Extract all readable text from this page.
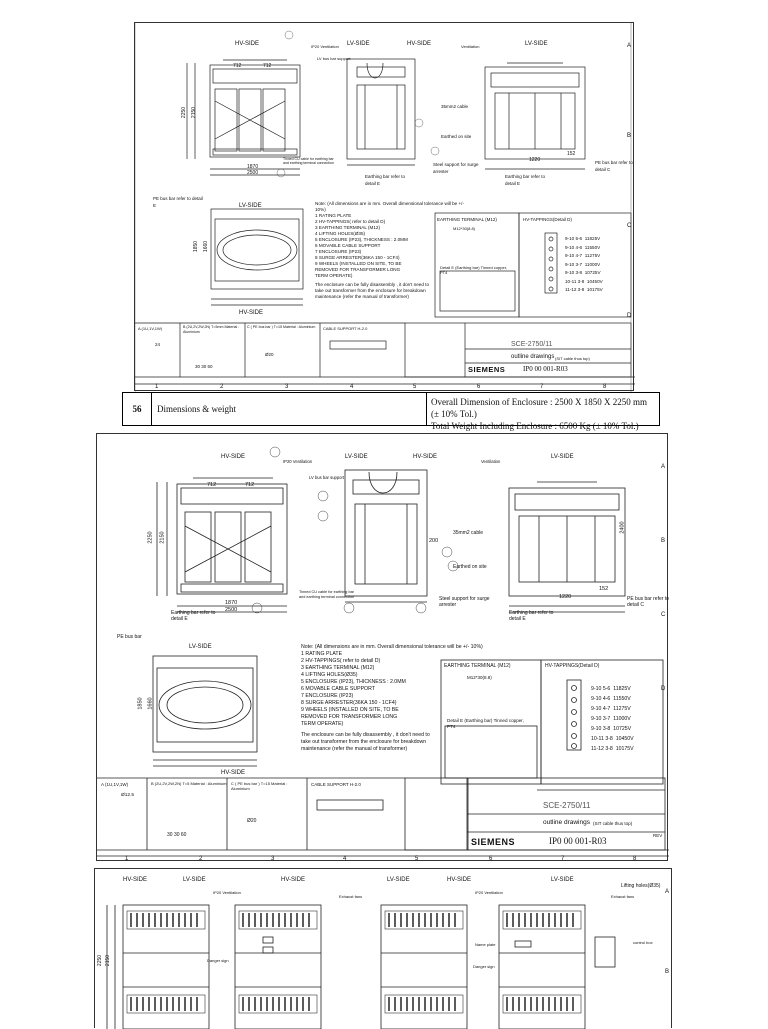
HV-SIDE	LV-SIDE	HV-SIDE	LV-SIDE
LV-SIDE
HV-SIDE
IP20 Ventilation
LV bus bar support
Ventilation
35mm2 cable
Earthed on site
Steel support for surge arrester
Earthing bar refer to detail E
Earthing bar refer to detail E
PE bus bar refer to detail C
PE bus bar refer to detail E
Tinned CU cable for earthing bar and earthing terminal connection
712	712
2250 2150
1870
2500
1850 1660
152
1220
Note: (All dimensions are in mm. Overall dimensional tolerance will be +/- 10%)
1 RATING PLATE
2 HV-TAPPINGS( refer to detail D)
3 EARTHING TERMINAL (M12)
4 LIFTING HOLES(Ø35)
5 ENCLOSURE (IP23), THICKNESS : 2.0MM
6 MOVABLE CABLE SUPPORT
7 ENCLOSURE (IP23)
8 SURGE ARRESTER(36KA 150 - 1CF4)
9 WHEELS (INSTALLED ON SITE, TO BE
REMOVED FOR TRANSFORMER LONG
TERM OPERATE)
The enclosure can be fully disassembly , it don't need to take out transformer from the enclosure for breakdown maintenance (refer the manual of transformer)
EARTHING TERMINAL (M12)
M12*30(8.8)
Detail E (Earthing bar) Tinned copper, PT4
HV-TAPPINGS(Detail D)
9-10 5-6 11825V
9-10 4-6 11550V
9-10 4-7 11275V
9-10 3-7 11000V
9-10 3-8 10725V
10-11 3-8 10450V
11-12 3-8 10175V
A (1U,1V,1W)
24
B (2U,2V,2W,2N) T=5mm Material : Aluminium
30 30 60
C ( PE bus bar ) T=15 Material : Aluminium
Ø20
CABLE SUPPORT H-2.0
SCE-2750/11
outline drawings (SIT cable thus top)
SIEMENS	IP0 00 001-R03
A
B
C
D
1	2	3	4	5	6	7	8
56	Dimensions & weight
Overall Dimension of Enclosure : 2500 X 1850 X 2250 mm (± 10% Tol.)
Total Weight Including Enclosure : 6500 Kg (± 10% Tol.)
HV-SIDE	LV-SIDE	HV-SIDE	LV-SIDE
LV-SIDE
HV-SIDE
IP20 Ventilation
LV bus bar support
Ventilation
35mm2 cable
Earthed on site
Steel support for surge arrester
Earthing bar refer to detail E
Earthing bar refer to detail E
PE bus bar refer to detail C
PE bus bar
Tinned CU cable for earthing bar and earthing terminal connection
712	712
2250 2150
1870
2500
1850 1660
152
1220
2400
200
Note: (All dimensions are in mm. Overall dimensional tolerance will be +/- 10%)
1 RATING PLATE
2 HV-TAPPINGS( refer to detail D)
3 EARTHING TERMINAL (M12)
4 LIFTING HOLES(Ø35)
5 ENCLOSURE (IP23), THICKNESS : 2.0MM
6 MOVABLE CABLE SUPPORT
7 ENCLOSURE (IP23)
8 SURGE ARRESTER(36KA 150 - 1CF4)
9 WHEELS (INSTALLED ON SITE, TO BE
REMOVED FOR TRANSFORMER LONG
TERM OPERATE)
The enclosure can be fully disassembly , it don't need to take out transformer from the enclosure for breakdown maintenance (refer the manual of transformer)
EARTHING TERMINAL (M12)
M12*30(8.8)
Detail E (Earthing bar) Tinned copper, PT4
HV-TAPPINGS(Detail D)
9-10 5-6 11825V
9-10 4-6 11550V
9-10 4-7 11275V
9-10 3-7 11000V
9-10 3-8 10725V
10-11 3-8 10450V
11-12 3-8 10175V
A (1U,1V,1W)
Ø12.5
B (2U,2V,2W,2N) T=5 Material : Aluminium
30 30 60
C ( PE bus bar ) T=15 Material : Aluminium
Ø20
CABLE SUPPORT H-2.0
SCE-2750/11
outline drawings (SIT cable thus top)
SIEMENS	IP0 00 001-R03
REV
A
B
C
D
1	2	3	4	5	6	7	8
HV-SIDE	LV-SIDE	HV-SIDE	LV-SIDE	HV-SIDE	LV-SIDE
IP20 Ventilation
Exhaust fans
IP20 Ventilation
Exhaust fans
Lifting holes(Ø35)
Danger sign
Name plate
Danger sign
control box
2250 2150
A
B
